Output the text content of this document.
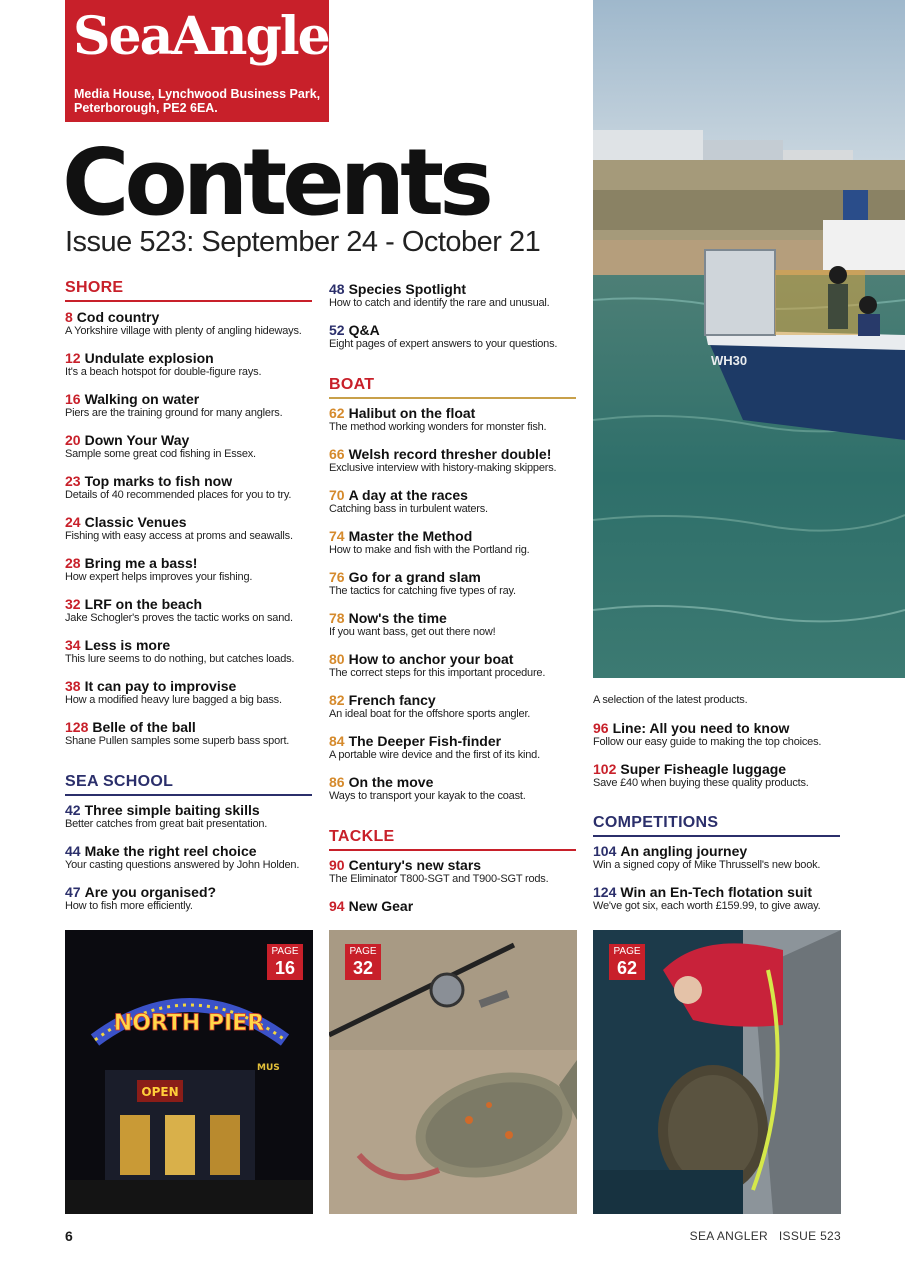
SeaAngler
Media House, Lynchwood Business Park,
Peterborough, PE2 6EA.
Contents
Issue 523: September 24 - October 21
WH30
SHORE
8 Cod country
A Yorkshire village with plenty of angling hideways.
12 Undulate explosion
It's a beach hotspot for double-figure rays.
16 Walking on water
Piers are the training ground for many anglers.
20 Down Your Way
Sample some great cod fishing in Essex.
23 Top marks to fish now
Details of 40 recommended places for you to try.
24 Classic Venues
Fishing with easy access at proms and seawalls.
28 Bring me a bass!
How expert helps improves your fishing.
32 LRF on the beach
Jake Schogler's proves the tactic works on sand.
34 Less is more
This lure seems to do nothing, but catches loads.
38 It can pay to improvise
How a modified heavy lure bagged a big bass.
128 Belle of the ball
Shane Pullen samples some superb bass sport.
SEA SCHOOL
42 Three simple baiting skills
Better catches from great bait presentation.
44 Make the right reel choice
Your casting questions answered by John Holden.
47 Are you organised?
How to fish more efficiently.
48 Species Spotlight
How to catch and identify the rare and unusual.
52 Q&A
Eight pages of expert answers to your questions.
BOAT
62 Halibut on the float
The method working wonders for monster fish.
66 Welsh record thresher double!
Exclusive interview with history-making skippers.
70 A day at the races
Catching bass in turbulent waters.
74 Master the Method
How to make and fish with the Portland rig.
76 Go for a grand slam
The tactics for catching five types of ray.
78 Now's the time
If you want bass, get out there now!
80 How to anchor your boat
The correct steps for this important procedure.
82 French fancy
An ideal boat for the offshore sports angler.
84 The Deeper Fish-finder
A portable wire device and the first of its kind.
86 On the move
Ways to transport your kayak to the coast.
TACKLE
90 Century's new stars
The Eliminator T800-SGT and T900-SGT rods.
94 New Gear
A selection of the latest products.
96 Line: All you need to know
Follow our easy guide to making the top choices.
102 Super Fisheagle luggage
Save £40 when buying these quality products.
COMPETITIONS
104 An angling journey
Win a signed copy of Mike Thrussell's new book.
124 Win an En-Tech flotation suit
We've got six, each worth £159.99, to give away.
NORTH PIER
MUS
OPEN
PAGE
16
PAGE
32
PAGE
62
6	SEA ANGLER   ISSUE 523
